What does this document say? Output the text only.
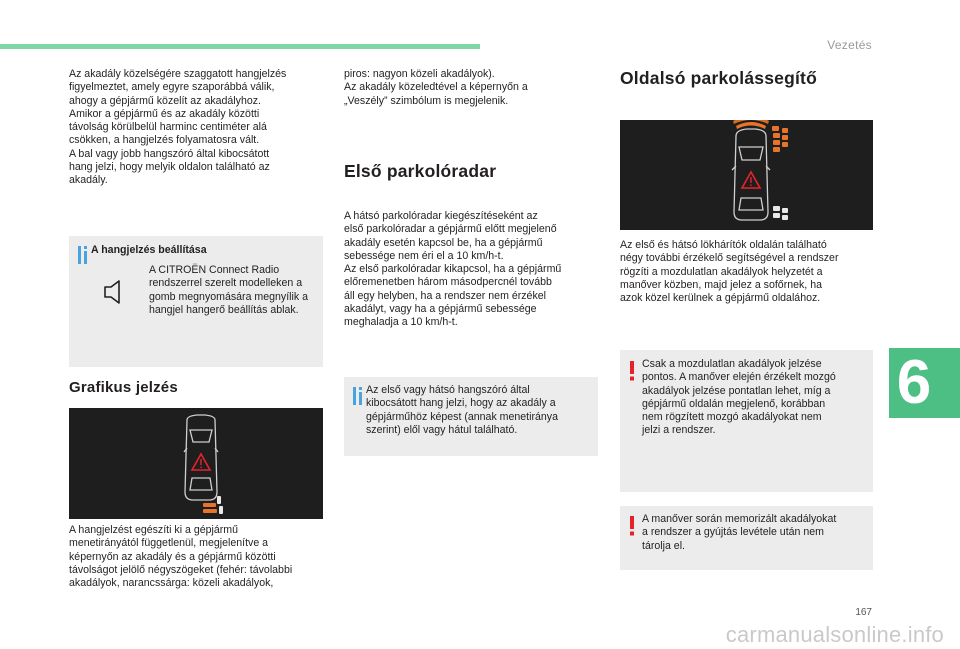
Vezetés
Az akadály közelségére szaggatott hangjelzés
figyelmeztet, amely egyre szaporábbá válik,
ahogy a gépjármű közelít az akadályhoz.
Amikor a gépjármű és az akadály közötti
távolság körülbelül harminc centiméter alá
csökken, a hangjelzés folyamatosra vált.
A bal vagy jobb hangszóró által kibocsátott
hang jelzi, hogy melyik oldalon található az
akadály.
A hangjelzés beállítása
A CITROËN Connect Radio
rendszerrel szerelt modelleken a
gomb megnyomására megnyílik a
hangjel hangerő beállítás ablak.
Grafikus jelzés
A hangjelzést egészíti ki a gépjármű
menetirányától függetlenül, megjelenítve a
képernyőn az akadály és a gépjármű közötti
távolságot jelölő négyszögeket (fehér: távolabbi
akadályok, narancssárga: közeli akadályok,
piros: nagyon közeli akadályok).
Az akadály közeledtével a képernyőn a
„Veszély” szimbólum is megjelenik.
Első parkolóradar
A hátsó parkolóradar kiegészítéseként az
első parkolóradar a gépjármű előtt megjelenő
akadály esetén kapcsol be, ha a gépjármű
sebessége nem éri el a 10 km/h-t.
Az első parkolóradar kikapcsol, ha a gépjármű
előremenetben három másodpercnél tovább
áll egy helyben, ha a rendszer nem érzékel
akadályt, vagy ha a gépjármű sebessége
meghaladja a 10 km/h-t.
Az első vagy hátsó hangszóró által
kibocsátott hang jelzi, hogy az akadály a
gépjárműhöz képest (annak menetiránya
szerint) elől vagy hátul található.
Oldalsó parkolássegítő
Az első és hátsó lökhárítók oldalán található
négy további érzékelő segítségével a rendszer
rögzíti a mozdulatlan akadályok helyzetét a
manőver közben, majd jelez a sofőrnek, ha
azok közel kerülnek a gépjármű oldalához.
Csak a mozdulatlan akadályok jelzése
pontos. A manőver elején érzékelt mozgó
akadályok jelzése pontatlan lehet, míg a
gépjármű oldalán megjelenő, korábban
nem rögzített mozgó akadályokat nem
jelzi a rendszer.
A manőver során memorizált akadályokat
a rendszer a gyújtás levétele után nem
tárolja el.
6
167
carmanualsonline.info
